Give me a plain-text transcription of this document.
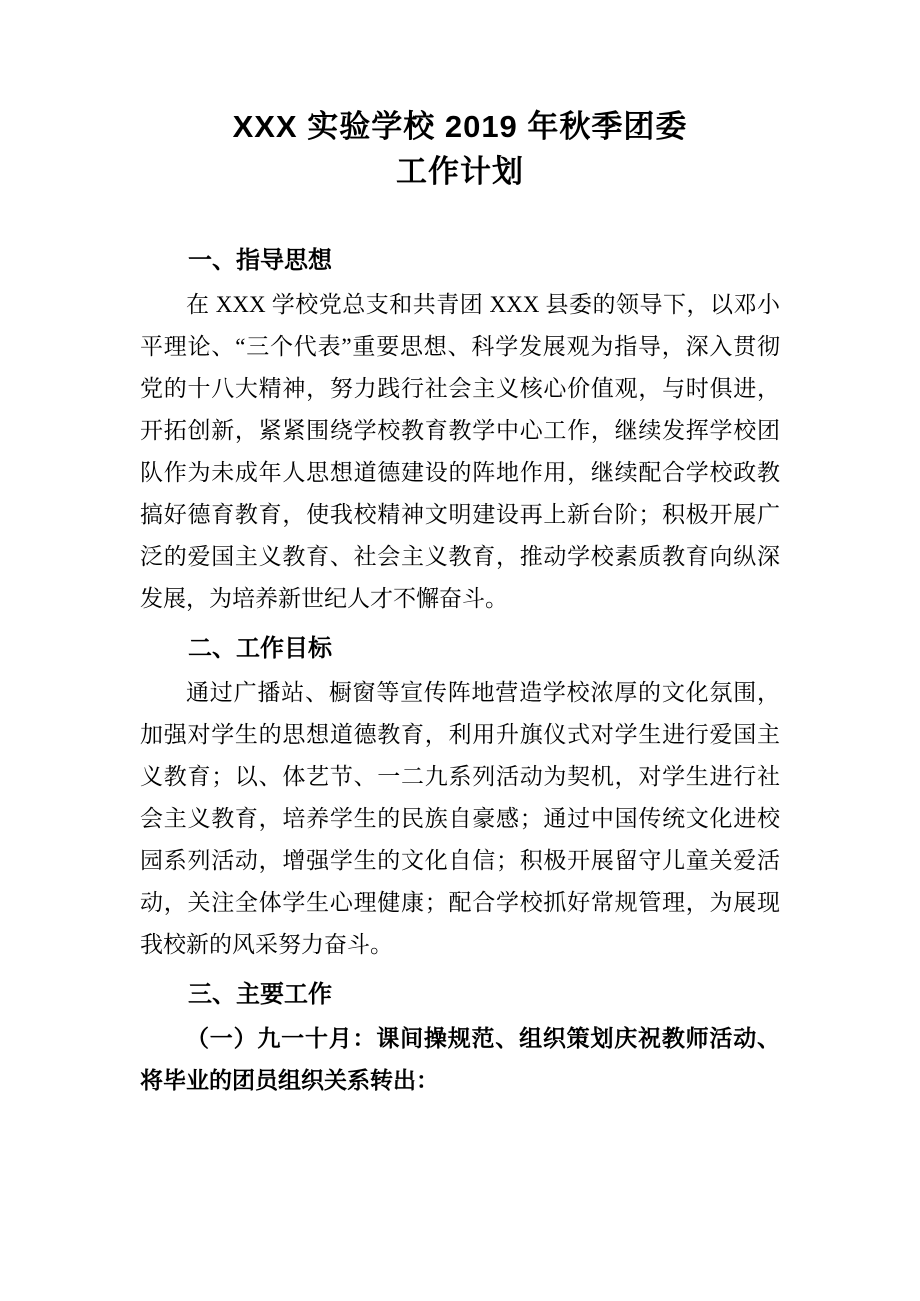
XXX 实验学校 2019 年秋季团委
工作计划

一、指导思想

在 XXX 学校党总支和共青团 XXX 县委的领导下，以邓小平理论、“三个代表”重要思想、科学发展观为指导，深入贯彻党的十八大精神，努力践行社会主义核心价值观，与时俱进，开拓创新，紧紧围绕学校教育教学中心工作，继续发挥学校团队作为未成年人思想道德建设的阵地作用，继续配合学校政教搞好德育教育，使我校精神文明建设再上新台阶；积极开展广泛的爱国主义教育、社会主义教育，推动学校素质教育向纵深发展，为培养新世纪人才不懈奋斗。

二、工作目标

通过广播站、橱窗等宣传阵地营造学校浓厚的文化氛围，加强对学生的思想道德教育，利用升旗仪式对学生进行爱国主义教育；以、体艺节、一二九系列活动为契机，对学生进行社会主义教育，培养学生的民族自豪感；通过中国传统文化进校园系列活动，增强学生的文化自信；积极开展留守儿童关爱活动，关注全体学生心理健康；配合学校抓好常规管理，为展现我校新的风采努力奋斗。

三、主要工作

（一）九一十月：课间操规范、组织策划庆祝教师活动、将毕业的团员组织关系转出：
